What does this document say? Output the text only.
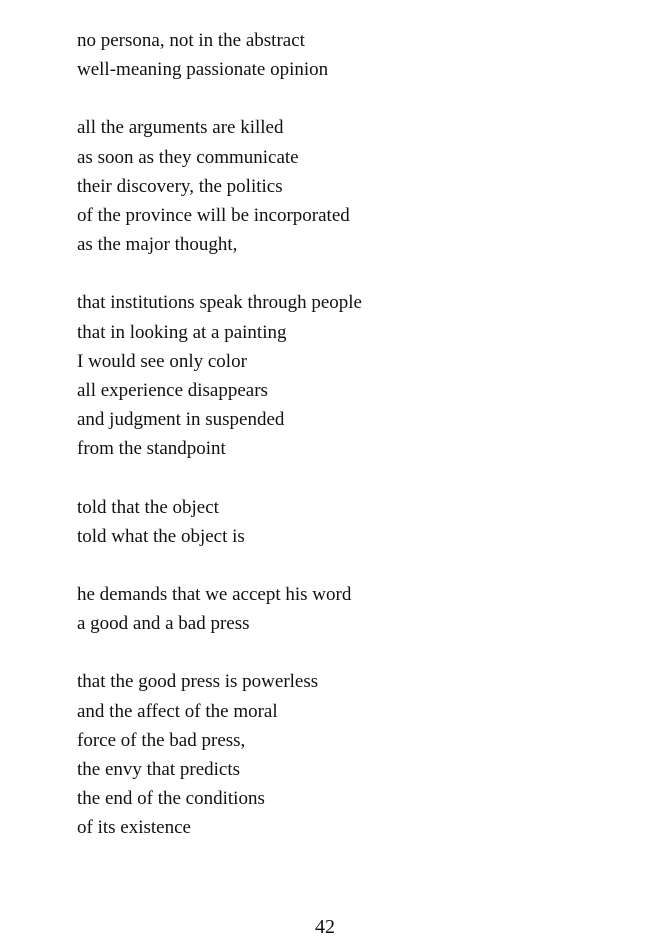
no persona, not in the abstract
well-meaning passionate opinion
all the arguments are killed
as soon as they communicate
their discovery, the politics
of the province will be incorporated
as the major thought,
that institutions speak through people
that in looking at a painting
I would see only color
all experience disappears
and judgment in suspended
from the standpoint
told that the object
told what the object is
he demands that we accept his word
a good and a bad press
that the good press is powerless
and the affect of the moral
force of the bad press,
the envy that predicts
the end of the conditions
of its existence
42
